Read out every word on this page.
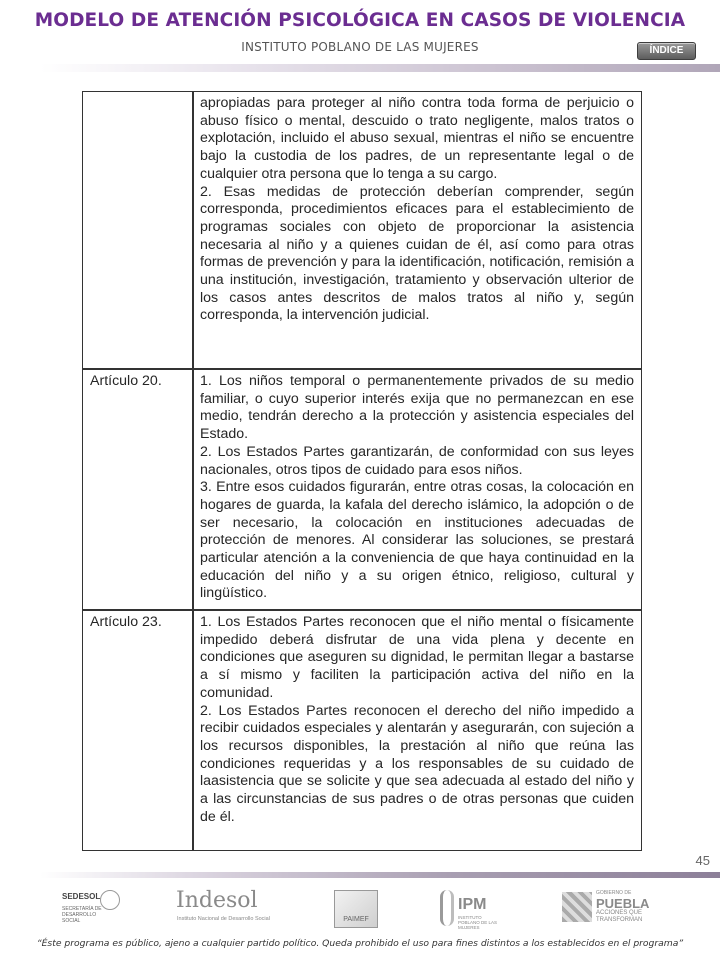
MODELO DE ATENCIÓN PSICOLÓGICA EN CASOS DE VIOLENCIA
INSTITUTO POBLANO DE LAS MUJERES	ÍNDICE

apropiadas para proteger al niño contra toda forma de perjuicio o abuso físico o mental, descuido o trato negligente, malos tratos o explotación, incluido el abuso sexual, mientras el niño se encuentre bajo la custodia de los padres, de un representante legal o de cualquier otra persona que lo tenga a su cargo.

2. Esas medidas de protección deberían comprender, según corresponda, procedimientos eficaces para el establecimiento de programas sociales con objeto de proporcionar la asistencia necesaria al niño y a quienes cuidan de él, así como para otras formas de prevención y para la identificación, notificación, remisión a una institución, investigación, tratamiento y observación ulterior de los casos antes descritos de malos tratos al niño y, según corresponda, la intervención judicial.

Artículo 20.	1. Los niños temporal o permanentemente privados de su medio familiar, o cuyo superior interés exija que no permanezcan en ese medio, tendrán derecho a la protección y asistencia especiales del Estado.

2. Los Estados Partes garantizarán, de conformidad con sus leyes nacionales, otros tipos de cuidado para esos niños.

3. Entre esos cuidados figurarán, entre otras cosas, la colocación en hogares de guarda, la kafala del derecho islámico, la adopción o de ser necesario, la colocación en instituciones adecuadas de protección de menores. Al considerar las soluciones, se prestará particular atención a la conveniencia de que haya continuidad en la educación del niño y a su origen étnico, religioso, cultural y lingüístico.

Artículo 23.	1. Los Estados Partes reconocen que el niño mental o físicamente impedido deberá disfrutar de una vida plena y decente en condiciones que aseguren su dignidad, le permitan llegar a bastarse a sí mismo y faciliten la participación activa del niño en la comunidad.

2. Los Estados Partes reconocen el derecho del niño impedido a recibir cuidados especiales y alentarán y asegurarán, con sujeción a los recursos disponibles, la prestación al niño que reúna las condiciones requeridas y a los responsables de su cuidado de laasistencia que se solicite y que sea adecuada al estado del niño y a las circunstancias de sus padres o de otras personas que cuiden de él.

45
SEDESOL
SECRETARÍA DE DESARROLLO SOCIAL
Indesol
Instituto Nacional de Desarrollo Social	PAIMEF
IPM
INSTITUTO POBLANO DE LAS MUJERES
GOBIERNO DE
PUEBLA
ACCIONES QUE TRANSFORMAN
“Éste programa es público, ajeno a cualquier partido político. Queda prohibido el uso para fines distintos a los establecidos en el programa”
